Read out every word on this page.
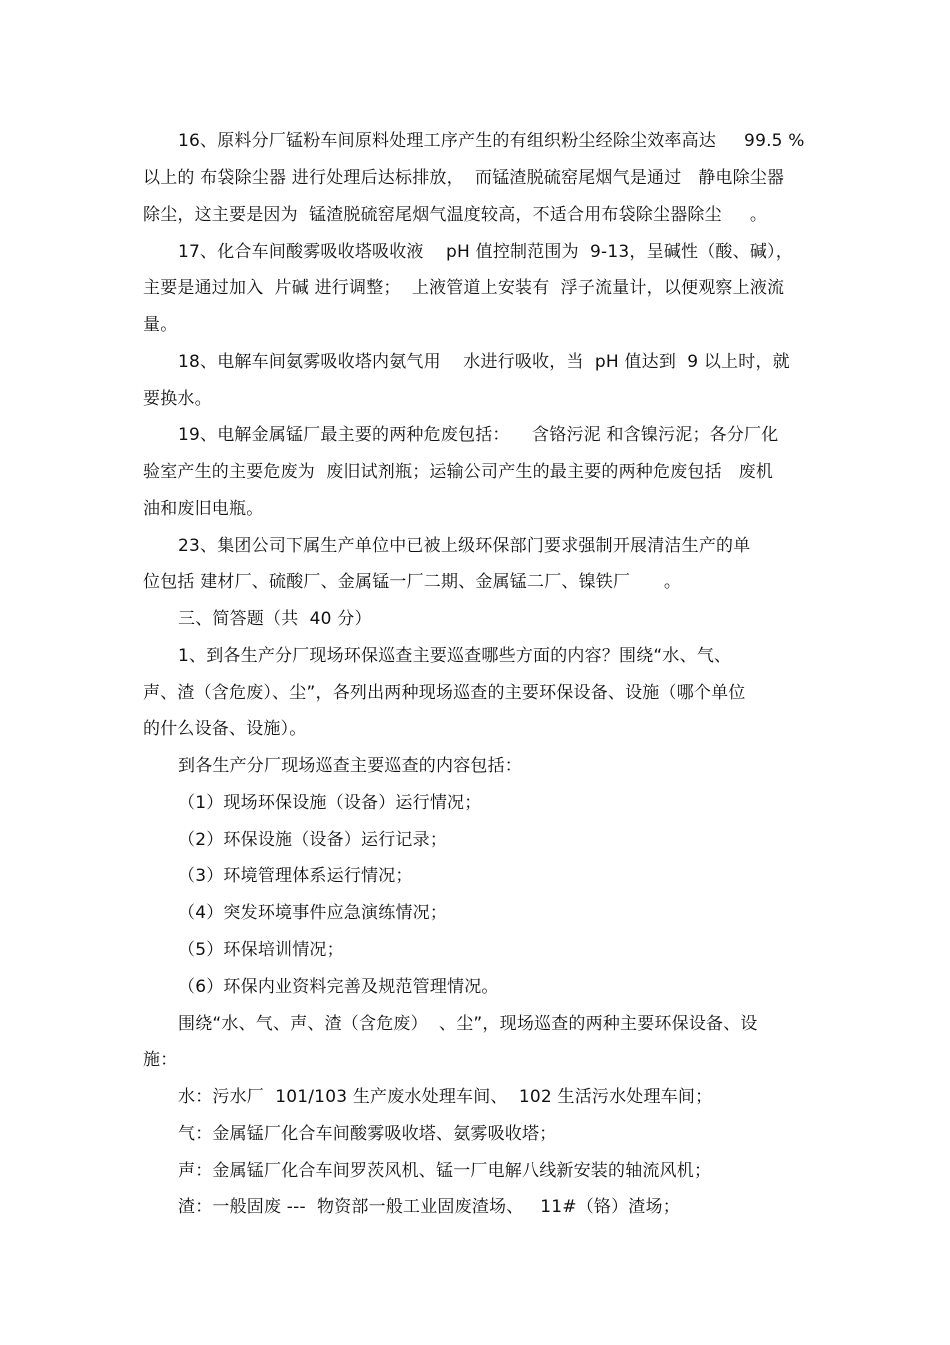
16、原料分厂锰粉车间原料处理工序产生的有组织粉尘经除尘效率高达     99.5 %
以上的 布袋除尘器 进行处理后达标排放，  而锰渣脱硫窑尾烟气是通过   静电除尘器
除尘，这主要是因为  锰渣脱硫窑尾烟气温度较高，不适合用布袋除尘器除尘     。
17、化合车间酸雾吸收塔吸收液    pH 值控制范围为  9-13，呈碱性（酸、碱），
主要是通过加入  片碱 进行调整；  上液管道上安装有  浮子流量计，以便观察上液流
量。
18、电解车间氨雾吸收塔内氨气用    水进行吸收，当  pH 值达到  9 以上时，就
要换水。
19、电解金属锰厂最主要的两种危废包括：    含铬污泥 和含镍污泥；各分厂化
验室产生的主要危废为  废旧试剂瓶；运输公司产生的最主要的两种危废包括   废机
油和废旧电瓶。
23、集团公司下属生产单位中已被上级环保部门要求强制开展清洁生产的单
位包括 建材厂、硫酸厂、金属锰一厂二期、金属锰二厂、镍铁厂      。
三、简答题（共  40 分）
1、到各生产分厂现场环保巡查主要巡查哪些方面的内容？围绕“水、气、
声、渣（含危废）、尘”，各列出两种现场巡查的主要环保设备、设施（哪个单位
的什么设备、设施）。
到各生产分厂现场巡查主要巡查的内容包括：
（1）现场环保设施（设备）运行情况；
（2）环保设施（设备）运行记录；
（3）环境管理体系运行情况；
（4）突发环境事件应急演练情况；
（5）环保培训情况；
（6）环保内业资料完善及规范管理情况。
围绕“水、气、声、渣（含危废）  、尘”，现场巡查的两种主要环保设备、设
施：
水：污水厂  101/103 生产废水处理车间、  102 生活污水处理车间；
气：金属锰厂化合车间酸雾吸收塔、氨雾吸收塔；
声：金属锰厂化合车间罗茨风机、锰一厂电解八线新安装的轴流风机；
渣：一般固废 ---  物资部一般工业固废渣场、   11#（铬）渣场；
